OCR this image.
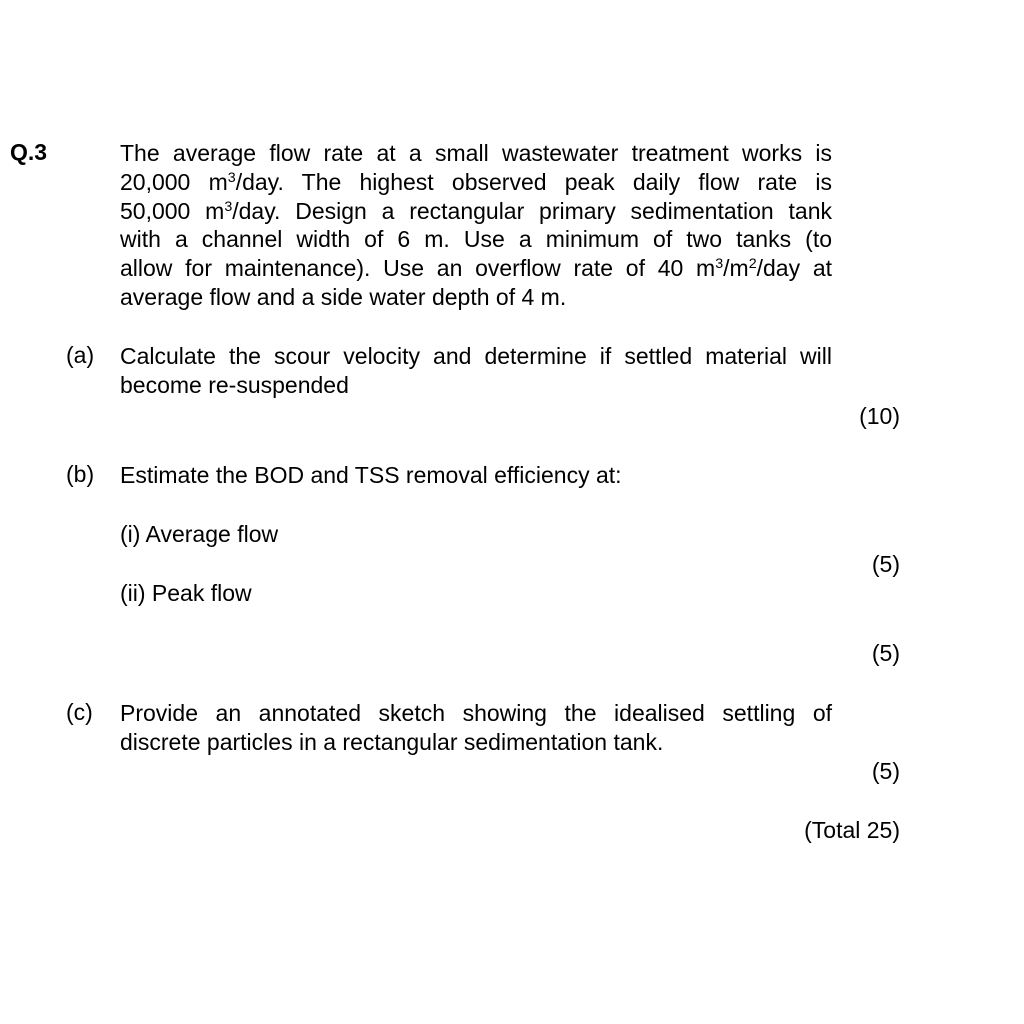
Q.3	The average flow rate at a small wastewater treatment works is
20,000 $m^3$/day. The highest observed peak daily flow rate is
50,000 $m^3$/day. Design a rectangular primary sedimentation tank
with a channel width of 6 m. Use a minimum of two tanks (to
allow for maintenance). Use an overflow rate of 40 $m^3/m^2$/day at
average flow and a side water depth of 4 m.
(a) Calculate the scour velocity and determine if settled material will
become re-suspended
(10)
(b) Estimate the BOD and TSS removal efficiency at:
(i) Average flow
(5)
(ii) Peak flow
(5)
(c) Provide an annotated sketch showing the idealised settling of
discrete particles in a rectangular sedimentation tank.
(5)
(Total 25)
